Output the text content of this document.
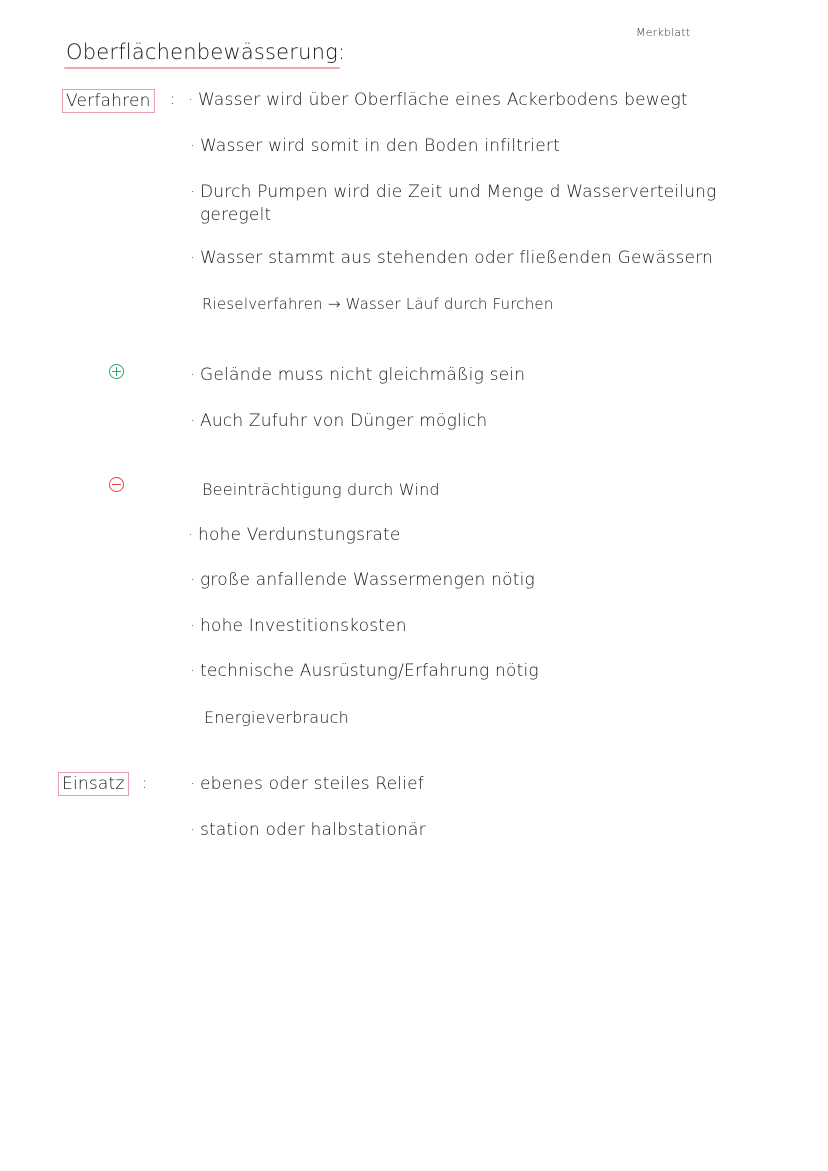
Merkblatt
Oberflächenbewässerung:
Verfahren : · Wasser wird über Oberfläche eines Ackerbodens bewegt
· Wasser wird somit in den Boden infiltriert
· Durch Pumpen wird die Zeit und Menge d Wasserverteilung
geregelt
· Wasser stammt aus stehenden oder fließenden Gewässern
Rieselverfahren → Wasser Läuf durch Furchen
· Gelände muss nicht gleichmäßig sein
· Auch Zufuhr von Dünger möglich
Beeinträchtigung durch Wind
· hohe Verdunstungsrate
· große anfallende Wassermengen nötig
· hohe Investitionskosten
· technische Ausrüstung/Erfahrung nötig
Energieverbrauch
Einsatz : · ebenes oder steiles Relief
· station oder halbstationär
